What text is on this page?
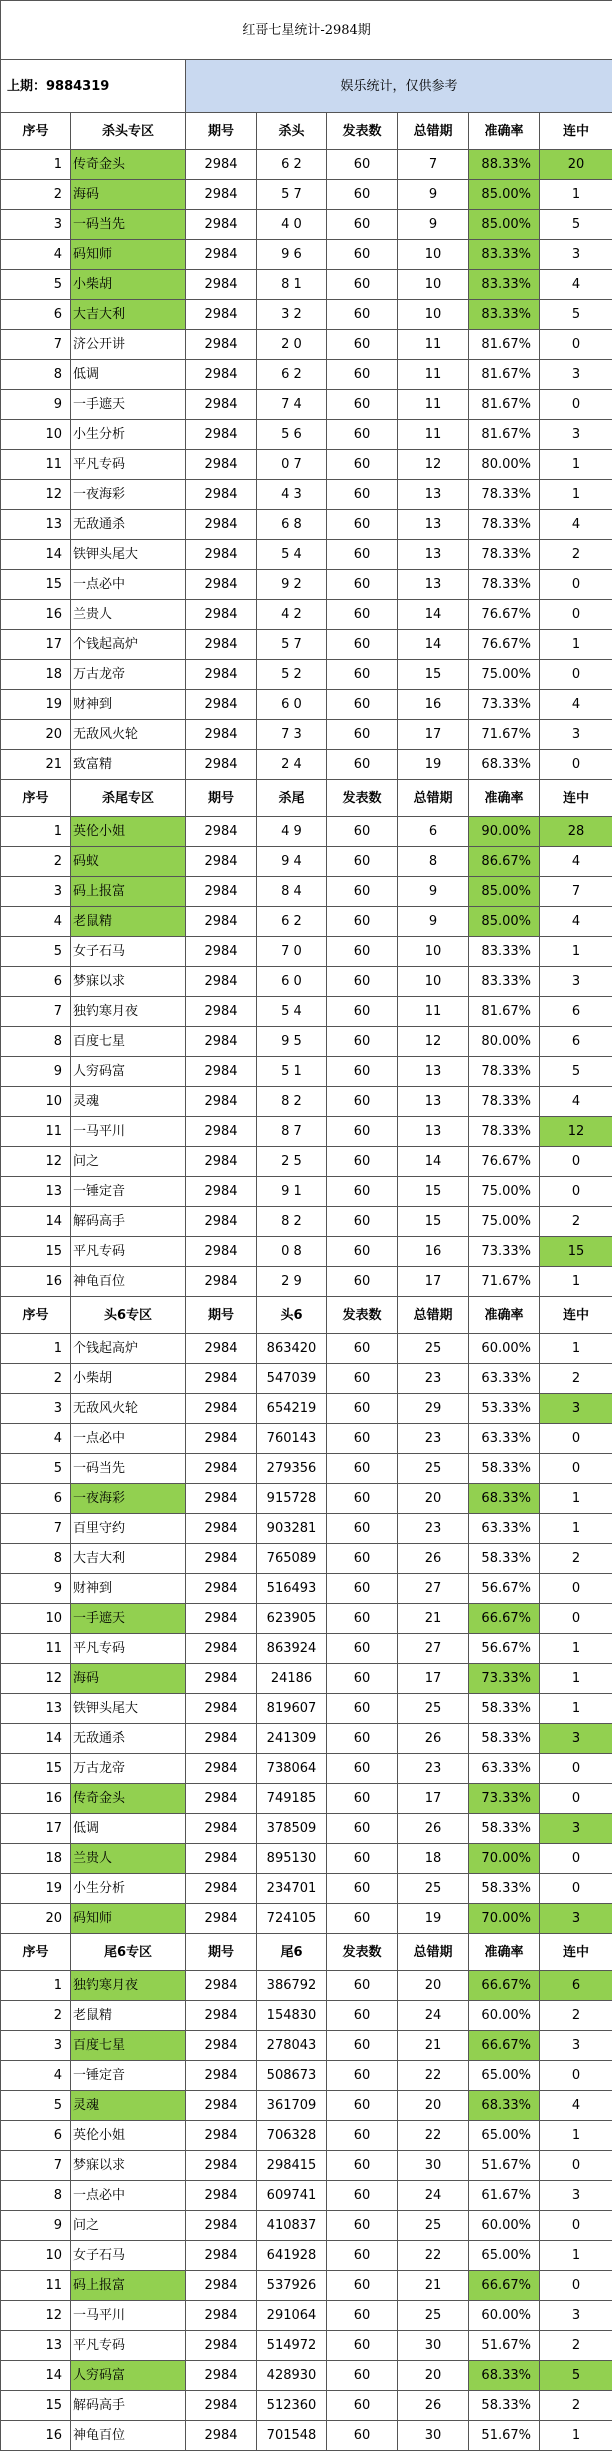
红哥七星统计-2984期							
上期：9884319		娱乐统计，仅供参考					
序号	杀头专区	期号	杀头	发表数	总错期	准确率	连中
1	传奇金头	2984	6 2	60	7	88.33%	20
2	海码	2984	5 7	60	9	85.00%	1
3	一码当先	2984	4 0	60	9	85.00%	5
4	码知师	2984	9 6	60	10	83.33%	3
5	小柴胡	2984	8 1	60	10	83.33%	4
6	大吉大利	2984	3 2	60	10	83.33%	5
7	济公开讲	2984	2 0	60	11	81.67%	0
8	低调	2984	6 2	60	11	81.67%	3
9	一手遮天	2984	7 4	60	11	81.67%	0
10	小生分析	2984	5 6	60	11	81.67%	3
11	平凡专码	2984	0 7	60	12	80.00%	1
12	一夜海彩	2984	4 3	60	13	78.33%	1
13	无敌通杀	2984	6 8	60	13	78.33%	4
14	铁钾头尾大	2984	5 4	60	13	78.33%	2
15	一点必中	2984	9 2	60	13	78.33%	0
16	兰贵人	2984	4 2	60	14	76.67%	0
17	个钱起高炉	2984	5 7	60	14	76.67%	1
18	万古龙帝	2984	5 2	60	15	75.00%	0
19	财神到	2984	6 0	60	16	73.33%	4
20	无敌风火轮	2984	7 3	60	17	71.67%	3
21	致富精	2984	2 4	60	19	68.33%	0
序号	杀尾专区	期号	杀尾	发表数	总错期	准确率	连中
1	英伦小姐	2984	4 9	60	6	90.00%	28
2	码蚁	2984	9 4	60	8	86.67%	4
3	码上报富	2984	8 4	60	9	85.00%	7
4	老鼠精	2984	6 2	60	9	85.00%	4
5	女子石马	2984	7 0	60	10	83.33%	1
6	梦寐以求	2984	6 0	60	10	83.33%	3
7	独钓寒月夜	2984	5 4	60	11	81.67%	6
8	百度七星	2984	9 5	60	12	80.00%	6
9	人穷码富	2984	5 1	60	13	78.33%	5
10	灵魂	2984	8 2	60	13	78.33%	4
11	一马平川	2984	8 7	60	13	78.33%	12
12	问之	2984	2 5	60	14	76.67%	0
13	一锤定音	2984	9 1	60	15	75.00%	0
14	解码高手	2984	8 2	60	15	75.00%	2
15	平凡专码	2984	0 8	60	16	73.33%	15
16	神龟百位	2984	2 9	60	17	71.67%	1
序号	头6专区	期号	头6	发表数	总错期	准确率	连中
1	个钱起高炉	2984	863420	60	25	60.00%	1
2	小柴胡	2984	547039	60	23	63.33%	2
3	无敌风火轮	2984	654219	60	29	53.33%	3
4	一点必中	2984	760143	60	23	63.33%	0
5	一码当先	2984	279356	60	25	58.33%	0
6	一夜海彩	2984	915728	60	20	68.33%	1
7	百里守约	2984	903281	60	23	63.33%	1
8	大吉大利	2984	765089	60	26	58.33%	2
9	财神到	2984	516493	60	27	56.67%	0
10	一手遮天	2984	623905	60	21	66.67%	0
11	平凡专码	2984	863924	60	27	56.67%	1
12	海码	2984	24186	60	17	73.33%	1
13	铁钾头尾大	2984	819607	60	25	58.33%	1
14	无敌通杀	2984	241309	60	26	58.33%	3
15	万古龙帝	2984	738064	60	23	63.33%	0
16	传奇金头	2984	749185	60	17	73.33%	0
17	低调	2984	378509	60	26	58.33%	3
18	兰贵人	2984	895130	60	18	70.00%	0
19	小生分析	2984	234701	60	25	58.33%	0
20	码知师	2984	724105	60	19	70.00%	3
序号	尾6专区	期号	尾6	发表数	总错期	准确率	连中
1	独钓寒月夜	2984	386792	60	20	66.67%	6
2	老鼠精	2984	154830	60	24	60.00%	2
3	百度七星	2984	278043	60	21	66.67%	3
4	一锤定音	2984	508673	60	22	65.00%	0
5	灵魂	2984	361709	60	20	68.33%	4
6	英伦小姐	2984	706328	60	22	65.00%	1
7	梦寐以求	2984	298415	60	30	51.67%	0
8	一点必中	2984	609741	60	24	61.67%	3
9	问之	2984	410837	60	25	60.00%	0
10	女子石马	2984	641928	60	22	65.00%	1
11	码上报富	2984	537926	60	21	66.67%	0
12	一马平川	2984	291064	60	25	60.00%	3
13	平凡专码	2984	514972	60	30	51.67%	2
14	人穷码富	2984	428930	60	20	68.33%	5
15	解码高手	2984	512360	60	26	58.33%	2
16	神龟百位	2984	701548	60	30	51.67%	1
